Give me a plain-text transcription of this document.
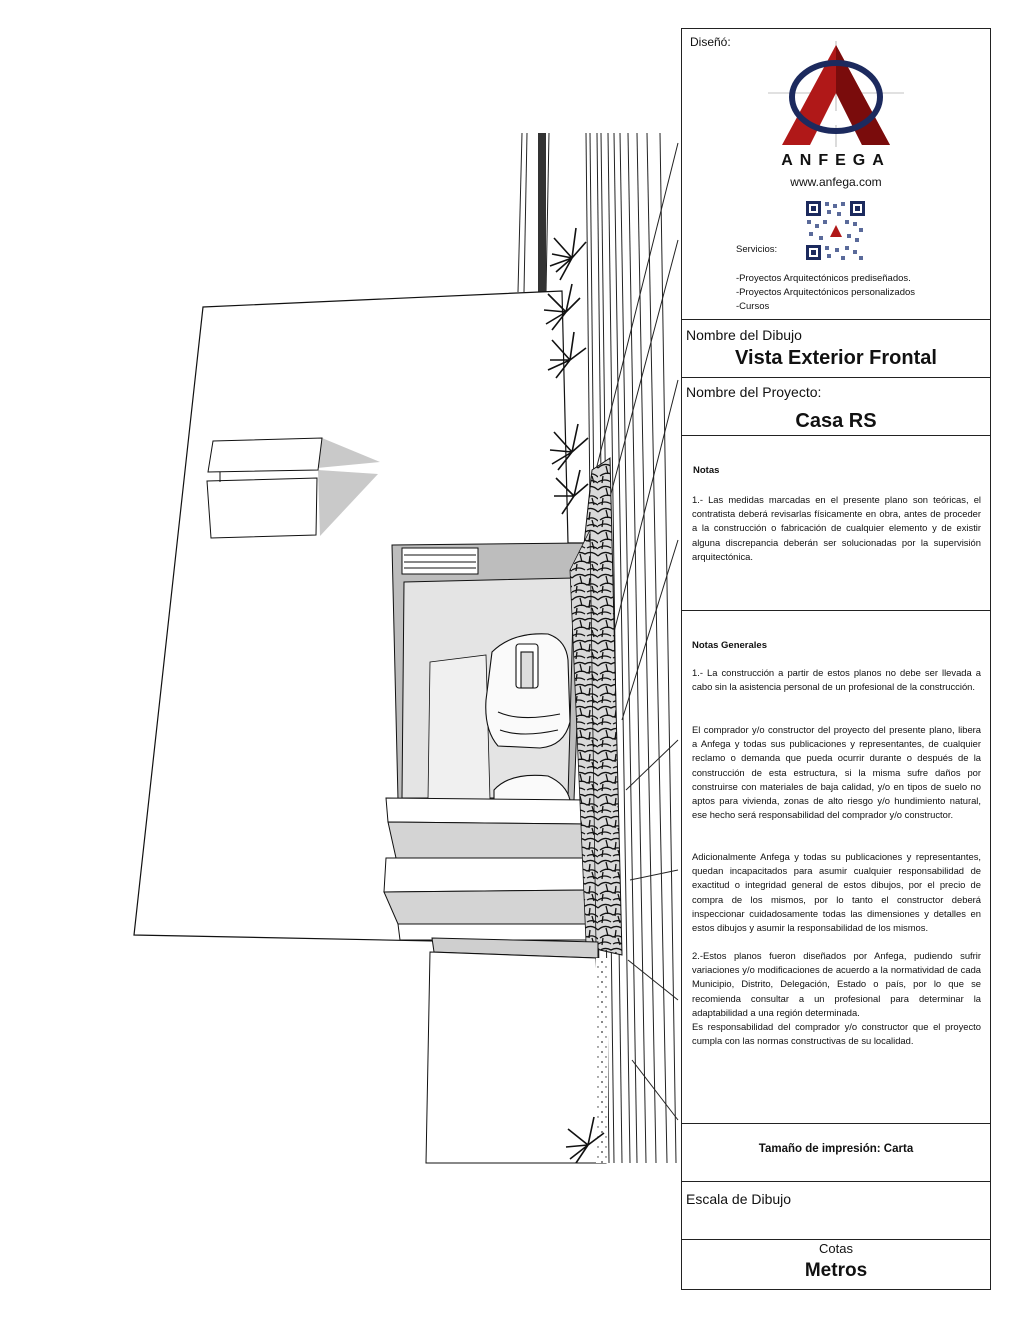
Diseñó:
ANFEGA
www.anfega.com
Servicios:
-Proyectos Arquitectónicos prediseñados.
-Proyectos Arquitectónicos personalizados
-Cursos
Nombre del Dibujo
Vista Exterior Frontal
Nombre del Proyecto:
Casa RS
Notas

1.- Las medidas marcadas en el presente plano son teóricas, el contratista deberá revisarlas físicamente en obra, antes de proceder a la construcción o fabricación de cualquier elemento y de existir alguna discrepancia deberán ser solucionadas por la supervisión arquitectónica.

Notas Generales

1.- La construcción a partir de estos planos no debe ser llevada a cabo sin la asistencia personal de un profesional de la construcción.

El comprador y/o constructor del proyecto del presente plano, libera a Anfega y todas sus publicaciones y representantes, de cualquier reclamo o demanda que pueda ocurrir durante o después de la construcción de esta estructura, si la misma sufre daños por construirse con materiales de baja calidad, y/o en tipos de suelo no aptos para vivienda, zonas de alto riesgo y/o hundimiento natural, ese hecho será responsabilidad del comprador y/o constructor.

Adicionalmente Anfega y todas su publicaciones y representantes, quedan incapacitados para asumir cualquier responsabilidad de exactitud o integridad general de estos dibujos, por el precio de compra de los mismos, por lo tanto el constructor deberá inspeccionar cuidadosamente todas las dimensiones y detalles en estos dibujos y asumir la responsabilidad de los mismos.

2.-Estos planos fueron diseñados por Anfega, pudiendo sufrir variaciones y/o modificaciones de acuerdo a la normatividad de cada Municipio, Distrito, Delegación, Estado o país, por lo que se recomienda consultar a un profesional para determinar la adaptabilidad a una región determinada.

Es responsabilidad del comprador y/o constructor que el proyecto cumpla con las normas constructivas de su localidad.

Tamaño de impresión: Carta
Escala de Dibujo
Cotas
Metros
